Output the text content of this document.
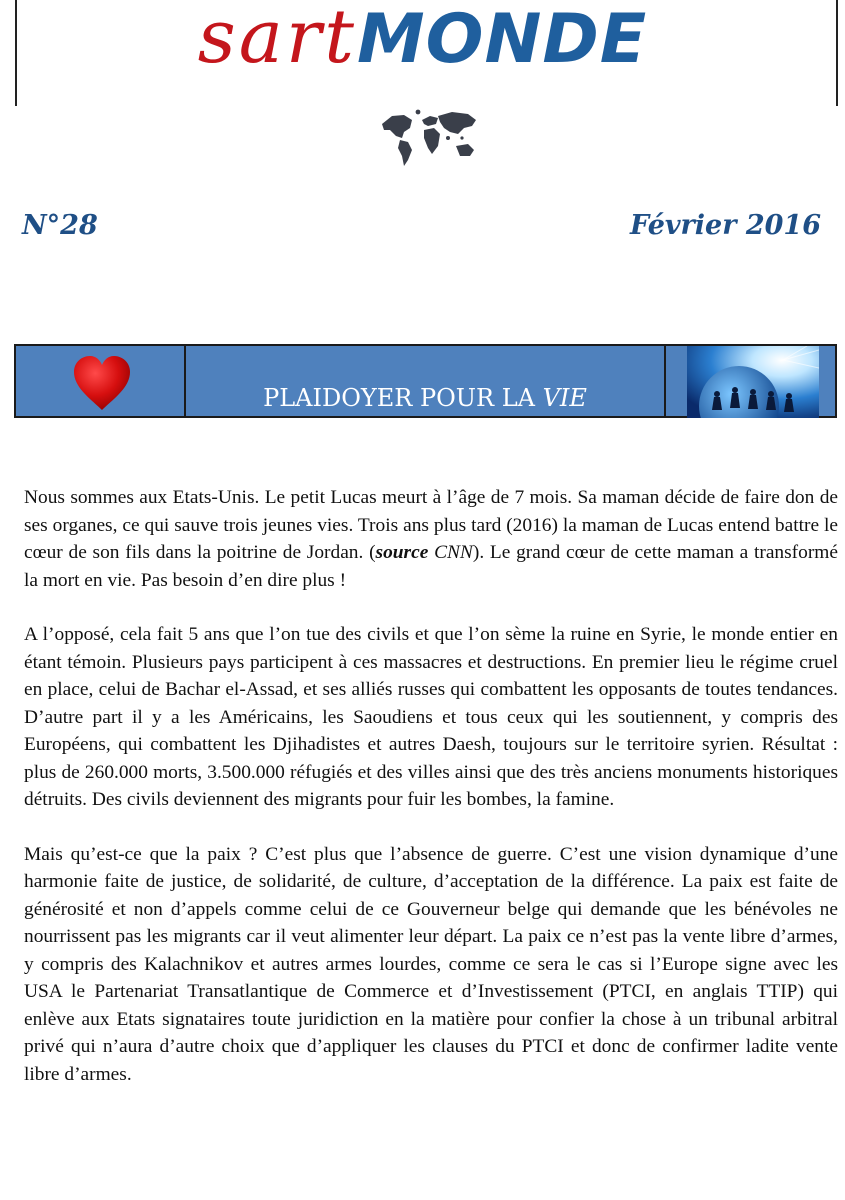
sartMONDE
N°28	Février 2016
PLAIDOYER POUR LA VIE

Nous sommes aux Etats-Unis. Le petit Lucas meurt à l’âge de 7 mois. Sa maman décide de faire don de ses organes, ce qui sauve trois jeunes vies. Trois ans plus tard (2016) la maman de Lucas entend battre le cœur de son fils dans la poitrine de Jordan. (source CNN). Le grand cœur de cette maman a transformé la mort en vie. Pas besoin d’en dire plus !

A l’opposé, cela fait 5 ans que l’on tue des civils et que l’on sème la ruine en Syrie, le monde entier en étant témoin. Plusieurs pays participent à ces massacres et destructions. En premier lieu le régime cruel en place, celui de Bachar el-Assad, et ses alliés russes qui combattent les opposants de toutes tendances. D’autre part il y a les Américains, les Saoudiens et tous ceux qui les soutiennent, y compris des Européens, qui combattent les Djihadistes et autres Daesh, toujours sur le territoire syrien. Résultat : plus de 260.000 morts, 3.500.000 réfugiés et des villes ainsi que des très anciens monuments historiques détruits. Des civils deviennent des migrants pour fuir les bombes, la famine.

Mais qu’est-ce que la paix ? C’est plus que l’absence de guerre. C’est une vision dynamique d’une harmonie faite de justice, de solidarité, de culture, d’acceptation de la différence. La paix est faite de générosité et non d’appels comme celui de ce Gouverneur belge qui demande que les bénévoles ne nourrissent pas les migrants car il veut alimenter leur départ. La paix ce n’est pas la vente libre d’armes, y compris des Kalachnikov et autres armes lourdes, comme ce sera le cas si l’Europe signe avec les USA le Partenariat Transatlantique de Commerce et d’Investissement (PTCI, en anglais TTIP) qui enlève aux Etats signataires toute juridiction en la matière pour confier la chose à un tribunal arbitral privé qui n’aura d’autre choix que d’appliquer les clauses du PTCI et donc de confirmer ladite vente libre d’armes.
